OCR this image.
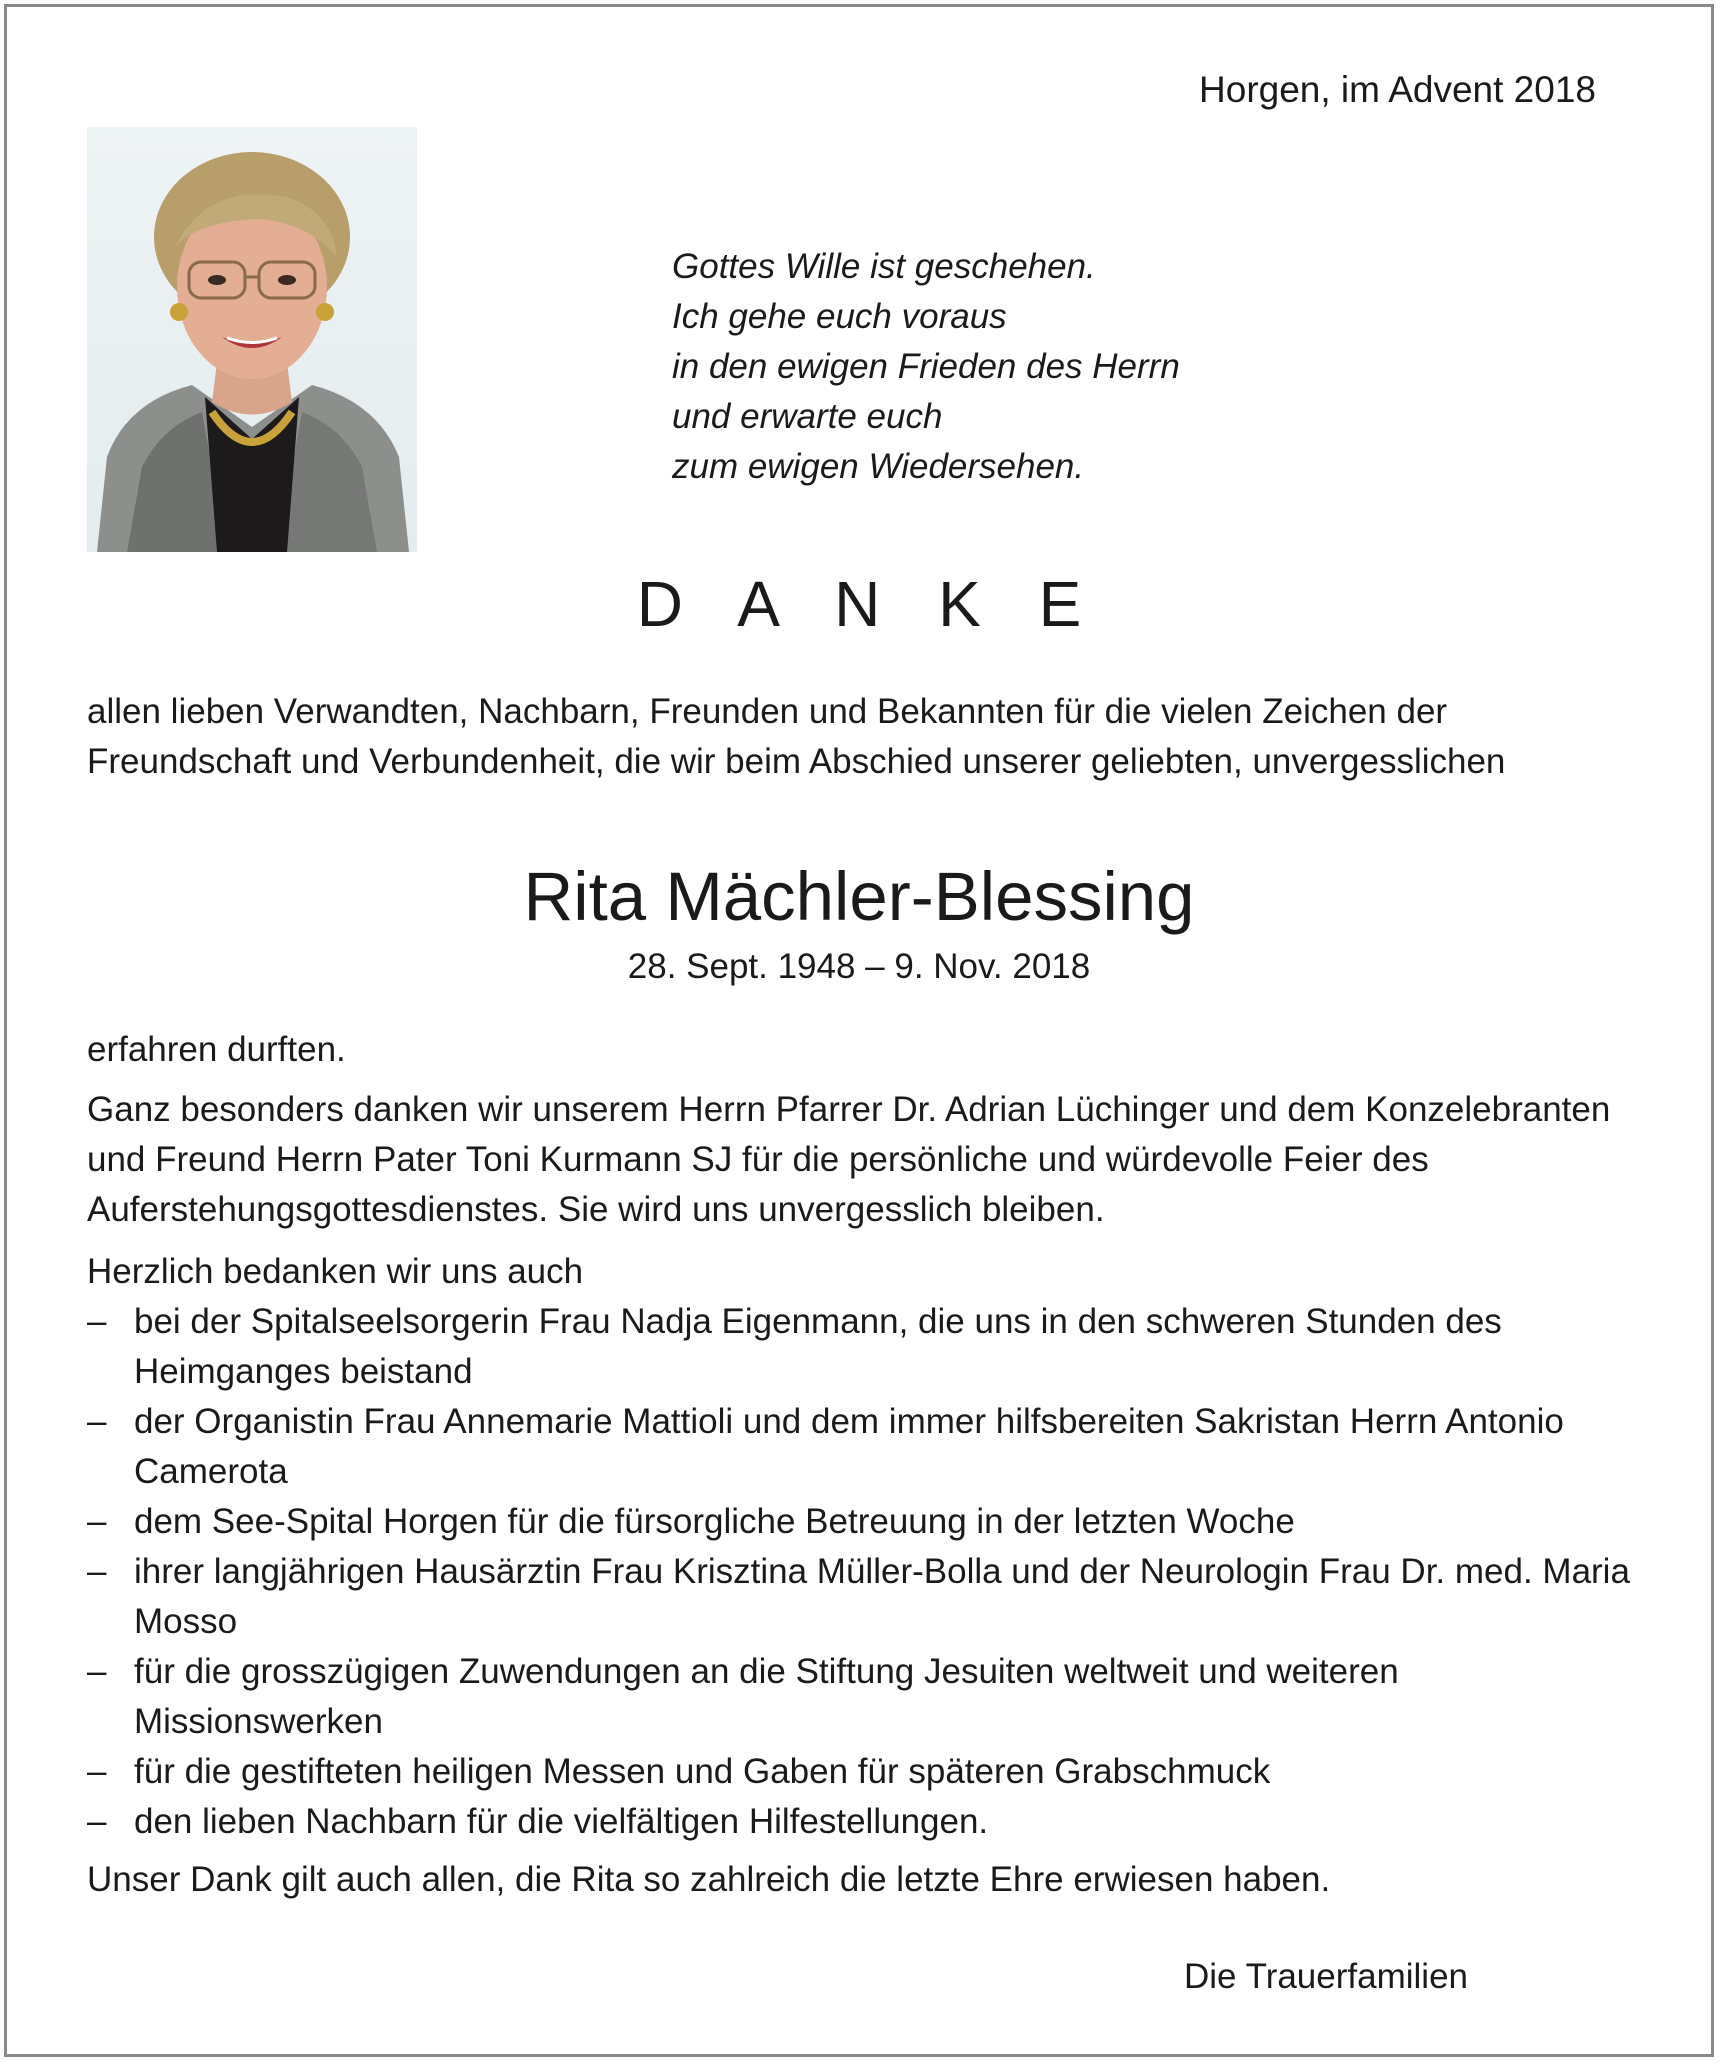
Horgen, im Advent 2018
Gottes Wille ist geschehen.
Ich gehe euch voraus
in den ewigen Frieden des Herrn
und erwarte euch
zum ewigen Wiedersehen.
D A N K E
allen lieben Verwandten, Nachbarn, Freunden und Bekannten für die vielen Zeichen der Freundschaft und Verbundenheit, die wir beim Abschied unserer geliebten, unvergesslichen
Rita Mächler-Blessing
28. Sept. 1948 – 9. Nov. 2018
erfahren durften.
Ganz besonders danken wir unserem Herrn Pfarrer Dr. Adrian Lüchinger und dem Konzelebranten und Freund Herrn Pater Toni Kurmann SJ für die persönliche und würdevolle Feier des Auferstehungsgottesdienstes. Sie wird uns unvergesslich bleiben.
Herzlich bedanken wir uns auch
– bei der Spitalseelsorgerin Frau Nadja Eigenmann, die uns in den schweren Stunden des Heimganges beistand
– der Organistin Frau Annemarie Mattioli und dem immer hilfsbereiten Sakristan Herrn Antonio Camerota
– dem See-Spital Horgen für die fürsorgliche Betreuung in der letzten Woche
– ihrer langjährigen Hausärztin Frau Krisztina Müller-Bolla und der Neurologin Frau Dr. med. Maria Mosso
– für die grosszügigen Zuwendungen an die Stiftung Jesuiten weltweit und weiteren Missionswerken
– für die gestifteten heiligen Messen und Gaben für späteren Grabschmuck
– den lieben Nachbarn für die vielfältigen Hilfestellungen.
Unser Dank gilt auch allen, die Rita so zahlreich die letzte Ehre erwiesen haben.
Die Trauerfamilien
